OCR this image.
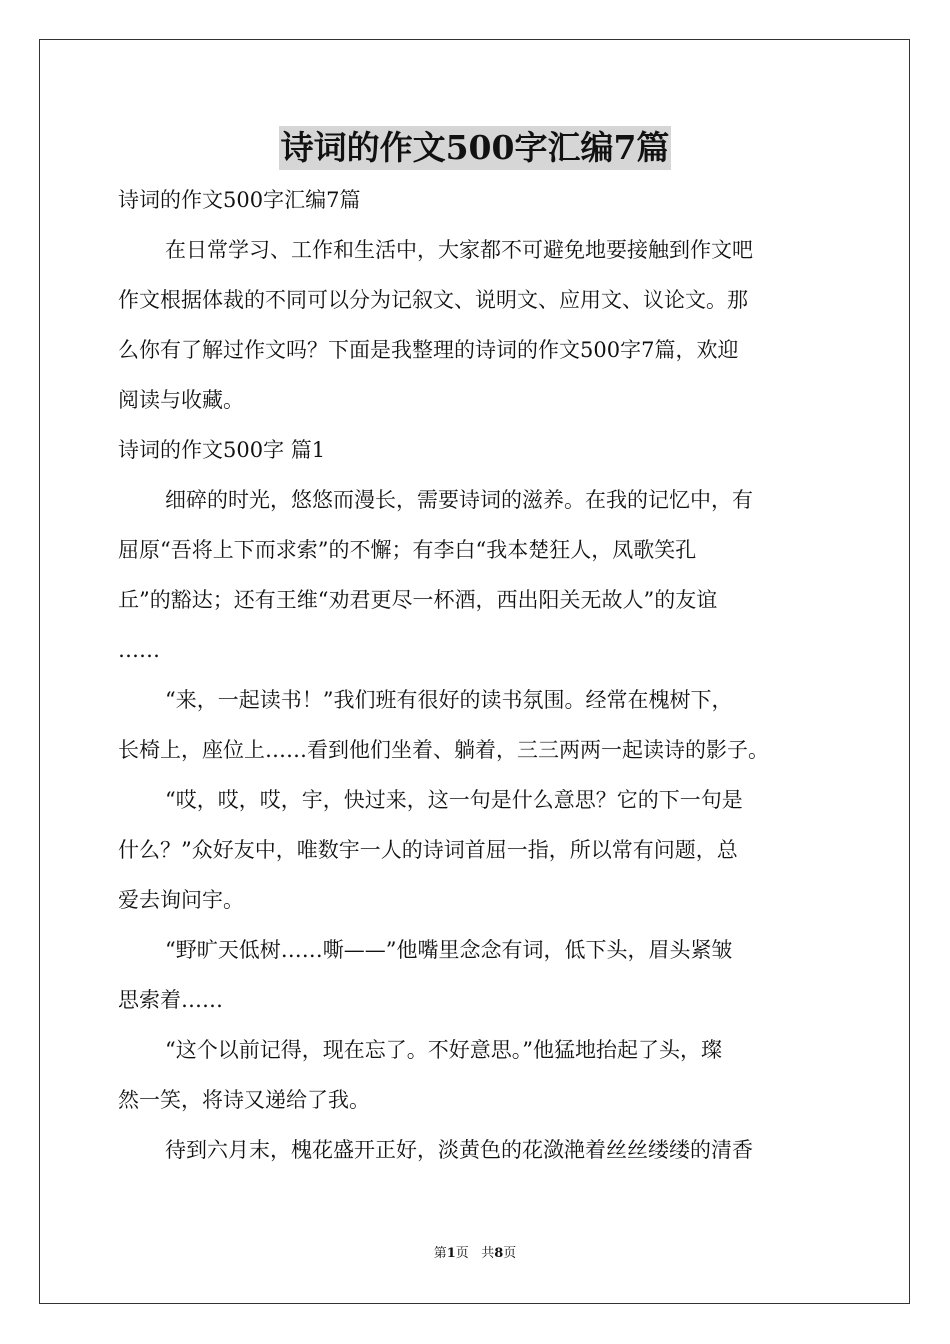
诗词的作文500字汇编7篇
诗词的作文500字汇编7篇
在日常学习、工作和生活中，大家都不可避免地要接触到作文吧
作文根据体裁的不同可以分为记叙文、说明文、应用文、议论文。那
么你有了解过作文吗？下面是我整理的诗词的作文500字7篇，欢迎
阅读与收藏。
诗词的作文500字 篇1
细碎的时光，悠悠而漫长，需要诗词的滋养。在我的记忆中，有
屈原“吾将上下而求索”的不懈；有李白“我本楚狂人，凤歌笑孔
丘”的豁达；还有王维“劝君更尽一杯酒，西出阳关无故人”的友谊
……
“来，一起读书！”我们班有很好的读书氛围。经常在槐树下，
长椅上，座位上……看到他们坐着、躺着，三三两两一起读诗的影子。
“哎，哎，哎，宇，快过来，这一句是什么意思？它的下一句是
什么？”众好友中，唯数宇一人的诗词首屈一指，所以常有问题，总
爱去询问宇。
“野旷天低树……嘶——”他嘴里念念有词，低下头，眉头紧皱
思索着……
“这个以前记得，现在忘了。不好意思。”他猛地抬起了头，璨
然一笑，将诗又递给了我。
待到六月末，槐花盛开正好，淡黄色的花潋滟着丝丝缕缕的清香
第1页 共8页
